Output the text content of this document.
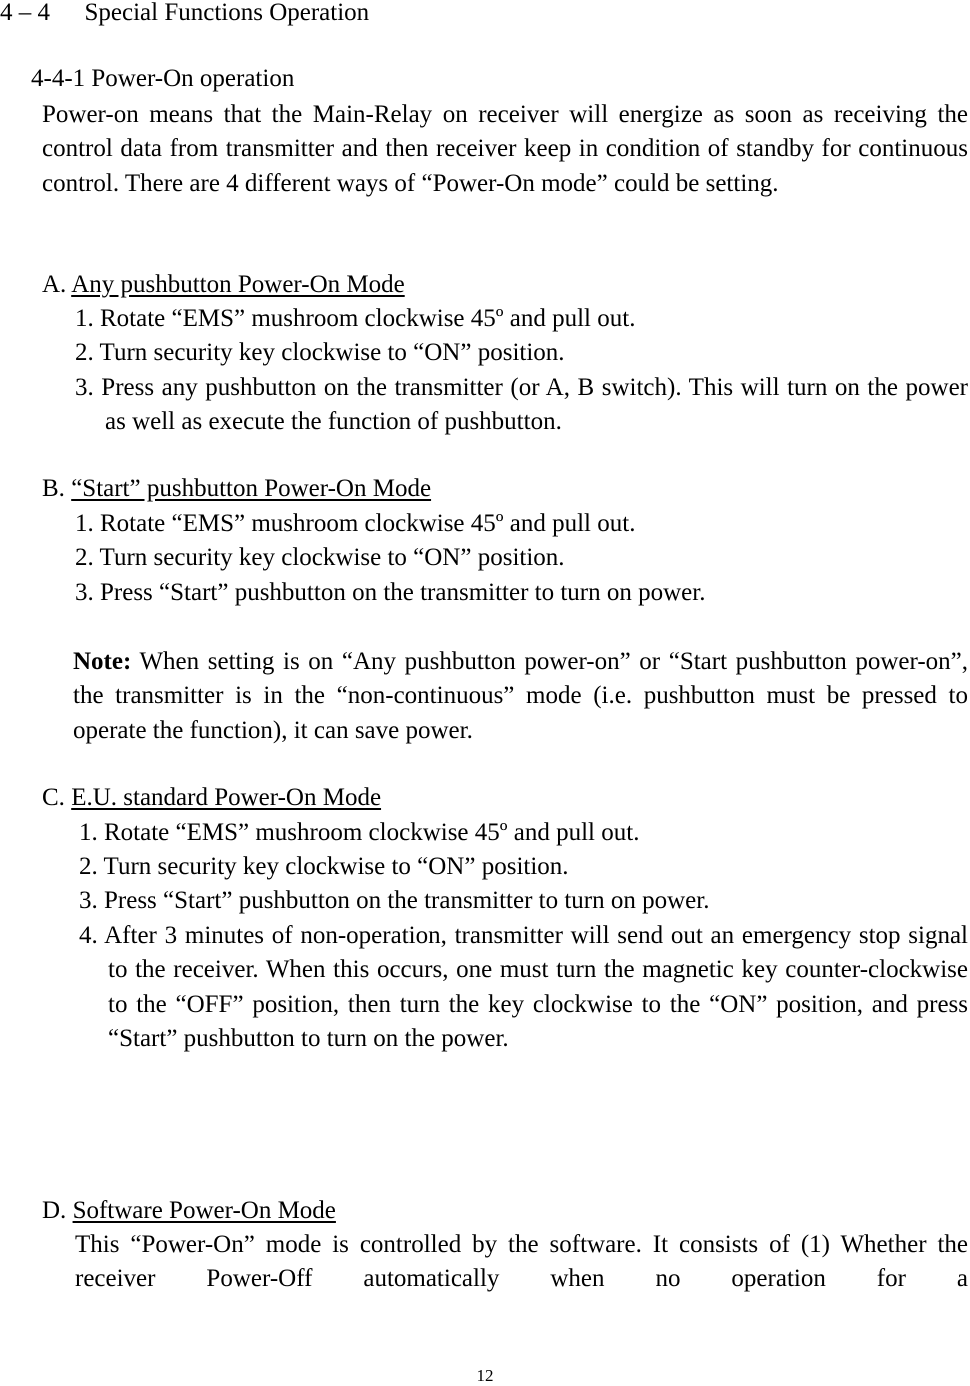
4 – 4 Special Functions Operation
4-4-1 Power-On operation
Power-on means that the Main-Relay on receiver will energize as soon as receiving the control data from transmitter and then receiver keep in condition of standby for continuous control. There are 4 different ways of “Power-On mode” could be setting.
A. Any pushbutton Power-On Mode
1. Rotate “EMS” mushroom clockwise 45º and pull out.
2. Turn security key clockwise to “ON” position.
3. Press any pushbutton on the transmitter (or A, B switch). This will turn on the power as well as execute the function of pushbutton.
B. “Start” pushbutton Power-On Mode
1. Rotate “EMS” mushroom clockwise 45º and pull out.
2. Turn security key clockwise to “ON” position.
3. Press “Start” pushbutton on the transmitter to turn on power.
Note: When setting is on “Any pushbutton power-on” or “Start pushbutton power-on”, the transmitter is in the “non-continuous” mode (i.e. pushbutton must be pressed to operate the function), it can save power.
C. E.U. standard Power-On Mode
1. Rotate “EMS” mushroom clockwise 45º and pull out.
2. Turn security key clockwise to “ON” position.
3. Press “Start” pushbutton on the transmitter to turn on power.
4. After 3 minutes of non-operation, transmitter will send out an emergency stop signal to the receiver. When this occurs, one must turn the magnetic key counter-clockwise to the “OFF” position, then turn the key clockwise to the “ON” position, and press “Start” pushbutton to turn on the power.
D. Software Power-On Mode
This “Power-On” mode is controlled by the software. It consists of (1) Whether the receiver Power-Off automatically when no operation for a
12
